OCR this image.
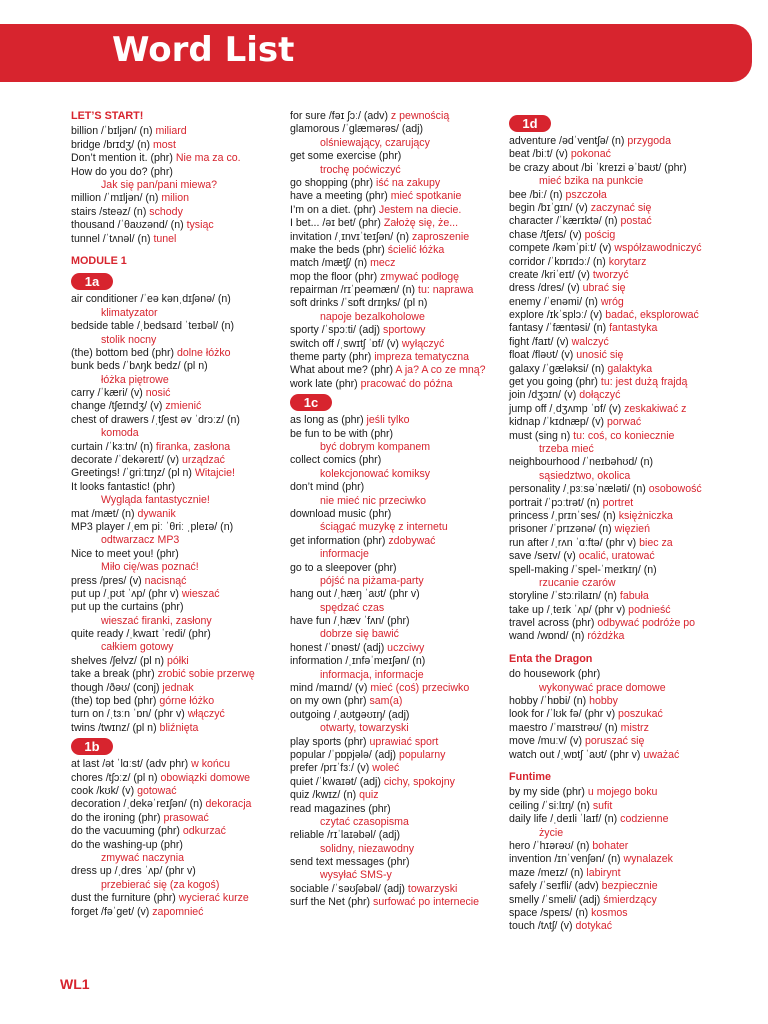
Word List
LET’S START!
billion /ˈbɪljən/ (n) miliard
bridge /brɪdʒ/ (n) most
Don’t mention it. (phr) Nie ma za co.
How do you do? (phr)
Jak się pan/pani miewa?
million /ˈmɪljən/ (n) milion
stairs /steəz/ (n) schody
thousand /ˈθaʊzənd/ (n) tysiąc
tunnel /ˈtʌnəl/ (n) tunel
MODULE 1
1a
air conditioner /ˈeə kənˌdɪʃənə/ (n)
klimatyzator
bedside table /ˌbedsaɪd ˈteɪbəl/ (n)
stolik nocny
(the) bottom bed (phr) dolne łóżko
bunk beds /ˈbʌŋk bedz/ (pl n)
łóżka piętrowe
carry /ˈkæri/ (v) nosić
change /tʃeɪndʒ/ (v) zmienić
chest of drawers /ˌtʃest əv ˈdrɔːz/ (n)
komoda
curtain /ˈkɜːtn/ (n) firanka, zasłona
decorate /ˈdekəreɪt/ (v) urządzać
Greetings! /ˈɡriːtɪŋz/ (pl n) Witajcie!
It looks fantastic! (phr)
Wygląda fantastycznie!
mat /mæt/ (n) dywanik
MP3 player /ˌem piː ˈθriː ˌpleɪə/ (n)
odtwarzacz MP3
Nice to meet you! (phr)
Miło cię/was poznać!
press /pres/ (v) nacisnąć
put up /ˌpʊt ˈʌp/ (phr v) wieszać
put up the curtains (phr)
wieszać firanki, zasłony
quite ready /ˌkwaɪt ˈredi/ (phr)
całkiem gotowy
shelves /ʃelvz/ (pl n) półki
take a break (phr) zrobić sobie przerwę
though /ðəʊ/ (conj) jednak
(the) top bed (phr) górne łóżko
turn on /ˌtɜːn ˈɒn/ (phr v) włączyć
twins /twɪnz/ (pl n) bliźnięta
1b
at last /ət ˈlɑːst/ (adv phr) w końcu
chores /tʃɔːz/ (pl n) obowiązki domowe
cook /kʊk/ (v) gotować
decoration /ˌdekəˈreɪʃən/ (n) dekoracja
do the ironing (phr) prasować
do the vacuuming (phr) odkurzać
do the washing-up (phr)
zmywać naczynia
dress up /ˌdres ˈʌp/ (phr v)
przebierać się (za kogoś)
dust the furniture (phr) wycierać kurze
forget /fəˈɡet/ (v) zapomnieć
for sure /fəɪ ʃɔː/ (adv) z pewnością
glamorous /ˈɡlæmərəs/ (adj)
olśniewający, czarujący
get some exercise (phr)
trochę poćwiczyć
go shopping (phr) iść na zakupy
have a meeting (phr) mieć spotkanie
I’m on a diet. (phr) Jestem na diecie.
I bet... /əɪ bet/ (phr) Założę się, że...
invitation /ˌɪnvɪˈteɪʃən/ (n) zaproszenie
make the beds (phr) ścielić łóżka
match /mætʃ/ (n) mecz
mop the floor (phr) zmywać podłogę
repairman /rɪˈpeəmæn/ (n) tu: naprawa
soft drinks /ˈsɒft drɪŋks/ (pl n)
napoje bezalkoholowe
sporty /ˈspɔːti/ (adj) sportowy
switch off /ˌswɪtʃ ˈɒf/ (v) wyłączyć
theme party (phr) impreza tematyczna
What about me? (phr) A ja? A co ze mną?
work late (phr) pracować do późna
1c
as long as (phr) jeśli tylko
be fun to be with (phr)
być dobrym kompanem
collect comics (phr)
kolekcjonować komiksy
don’t mind (phr)
nie mieć nic przeciwko
download music (phr)
ściągać muzykę z internetu
get information (phr) zdobywać
informacje
go to a sleepover (phr)
pójść na piżama-party
hang out /ˌhæŋ ˈaʊt/ (phr v)
spędzać czas
have fun /ˌhæv ˈfʌn/ (phr)
dobrze się bawić
honest /ˈɒnəst/ (adj) uczciwy
information /ˌɪnfəˈmeɪʃən/ (n)
informacja, informacje
mind /maɪnd/ (v) mieć (coś) przeciwko
on my own (phr) sam(a)
outgoing /ˌaʊtɡəʊɪŋ/ (adj)
otwarty, towarzyski
play sports (phr) uprawiać sport
popular /ˈpɒpjələ/ (adj) popularny
prefer /prɪˈfɜː/ (v) woleć
quiet /ˈkwaɪət/ (adj) cichy, spokojny
quiz /kwɪz/ (n) quiz
read magazines (phr)
czytać czasopisma
reliable /rɪˈlaɪəbəl/ (adj)
solidny, niezawodny
send text messages (phr)
wysyłać SMS-y
sociable /ˈsəʊʃəbəl/ (adj) towarzyski
surf the Net (phr) surfować po internecie
1d
adventure /ədˈventʃə/ (n) przygoda
beat /biːt/ (v) pokonać
be crazy about /bi ˈkreɪzi əˈbaʊt/ (phr)
mieć bzika na punkcie
bee /biː/ (n) pszczoła
begin /bɪˈɡɪn/ (v) zaczynać się
character /ˈkærɪktə/ (n) postać
chase /tʃeɪs/ (v) pościg
compete /kəmˈpiːt/ (v) współzawodniczyć
corridor /ˈkɒrɪdɔː/ (n) korytarz
create /kriˈeɪt/ (v) tworzyć
dress /dres/ (v) ubrać się
enemy /ˈenəmi/ (n) wróg
explore /ɪkˈsplɔː/ (v) badać, eksplorować
fantasy /ˈfæntəsi/ (n) fantastyka
fight /faɪt/ (v) walczyć
float /fləʊt/ (v) unosić się
galaxy /ˈɡæləksi/ (n) galaktyka
get you going (phr) tu: jest dużą frajdą
join /dʒɔɪn/ (v) dołączyć
jump off /ˌdʒʌmp ˈɒf/ (v) zeskakiwać z
kidnap /ˈkɪdnæp/ (v) porwać
must (sing n) tu: coś, co koniecznie
trzeba mieć
neighbourhood /ˈneɪbəhʊd/ (n)
sąsiedztwo, okolica
personality /ˌpɜːsəˈnæləti/ (n) osobowość
portrait /ˈpɔːtrət/ (n) portret
princess /ˌprɪnˈses/ (n) księżniczka
prisoner /ˈprɪzənə/ (n) więzień
run after /ˌrʌn ˈɑːftə/ (phr v) biec za
save /seɪv/ (v) ocalić, uratować
spell-making /ˈspel-ˈmeɪkɪŋ/ (n)
rzucanie czarów
storyline /ˈstɔːrilaɪn/ (n) fabuła
take up /ˌteɪk ˈʌp/ (phr v) podnieść
travel across (phr) odbywać podróże po
wand /wɒnd/ (n) różdżka
Enta the Dragon
do housework (phr)
wykonywać prace domowe
hobby /ˈhɒbi/ (n) hobby
look for /ˈlʊk fə/ (phr v) poszukać
maestro /ˈmaɪstrəʊ/ (n) mistrz
move /muːv/ (v) poruszać się
watch out /ˌwɒtʃ ˈaʊt/ (phr v) uważać
Funtime
by my side (phr) u mojego boku
ceiling /ˈsiːlɪŋ/ (n) sufit
daily life /ˌdeɪli ˈlaɪf/ (n) codzienne
życie
hero /ˈhɪərəʊ/ (n) bohater
invention /ɪnˈvenʃən/ (n) wynalazek
maze /meɪz/ (n) labirynt
safely /ˈseɪfli/ (adv) bezpiecznie
smelly /ˈsmeli/ (adj) śmierdzący
space /speɪs/ (n) kosmos
touch /tʌtʃ/ (v) dotykać
WL1
